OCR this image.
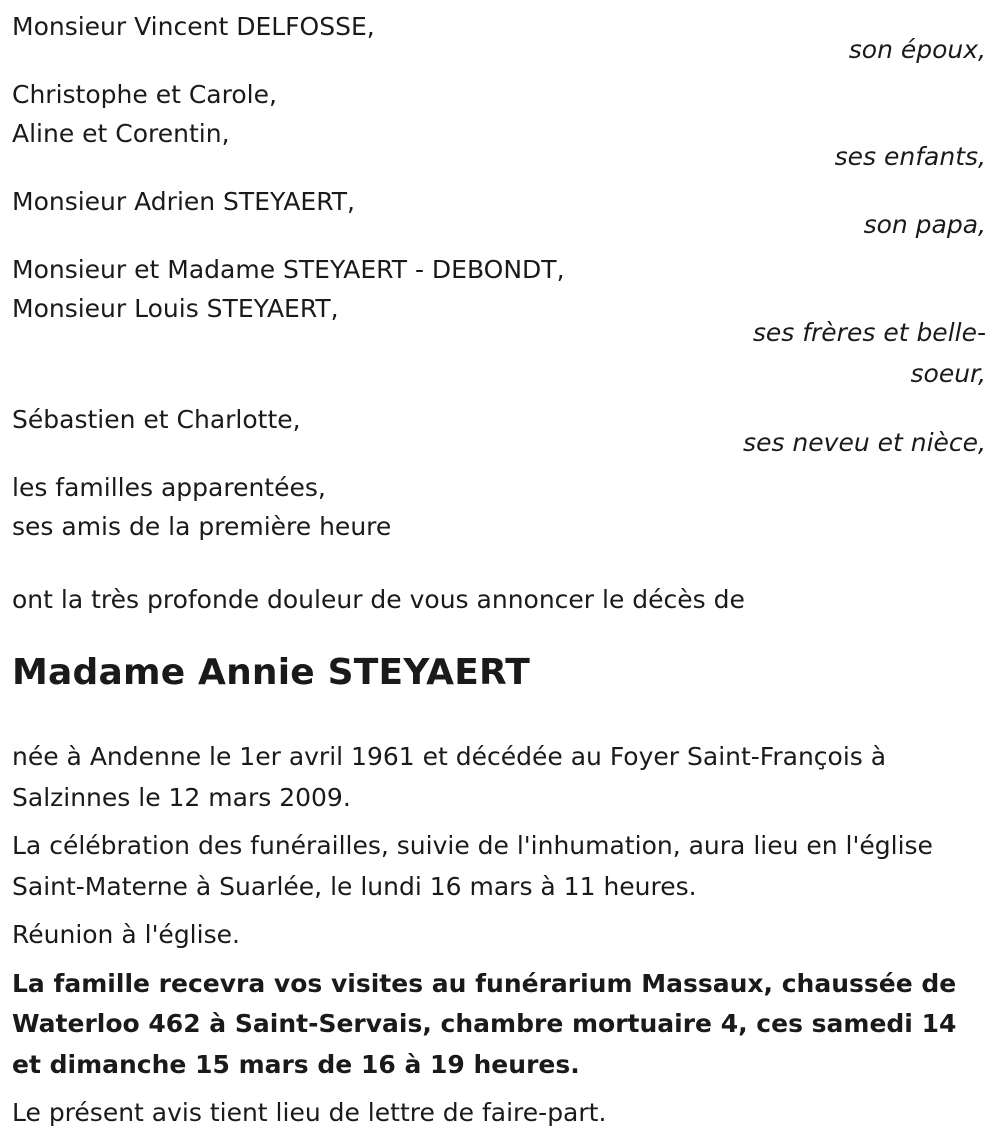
Monsieur Vincent DELFOSSE,
son époux,
Christophe et Carole,
Aline et Corentin,
ses enfants,
Monsieur Adrien STEYAERT,
son papa,
Monsieur et Madame STEYAERT - DEBONDT,
Monsieur Louis STEYAERT,
ses frères et belle-soeur,
Sébastien et Charlotte,
ses neveu et nièce,
les familles apparentées,
ses amis de la première heure
ont la très profonde douleur de vous annoncer le décès de
Madame Annie STEYAERT

née à Andenne le 1er avril 1961 et décédée au Foyer Saint-François à Salzinnes le 12 mars 2009.

La célébration des funérailles, suivie de l'inhumation, aura lieu en l'église Saint-Materne à Suarlée, le lundi 16 mars à 11 heures.

Réunion à l'église.

La famille recevra vos visites au funérarium Massaux, chaussée de Waterloo 462 à Saint-Servais, chambre mortuaire 4, ces samedi 14 et dimanche 15 mars de 16 à 19 heures.

Le présent avis tient lieu de lettre de faire-part.
